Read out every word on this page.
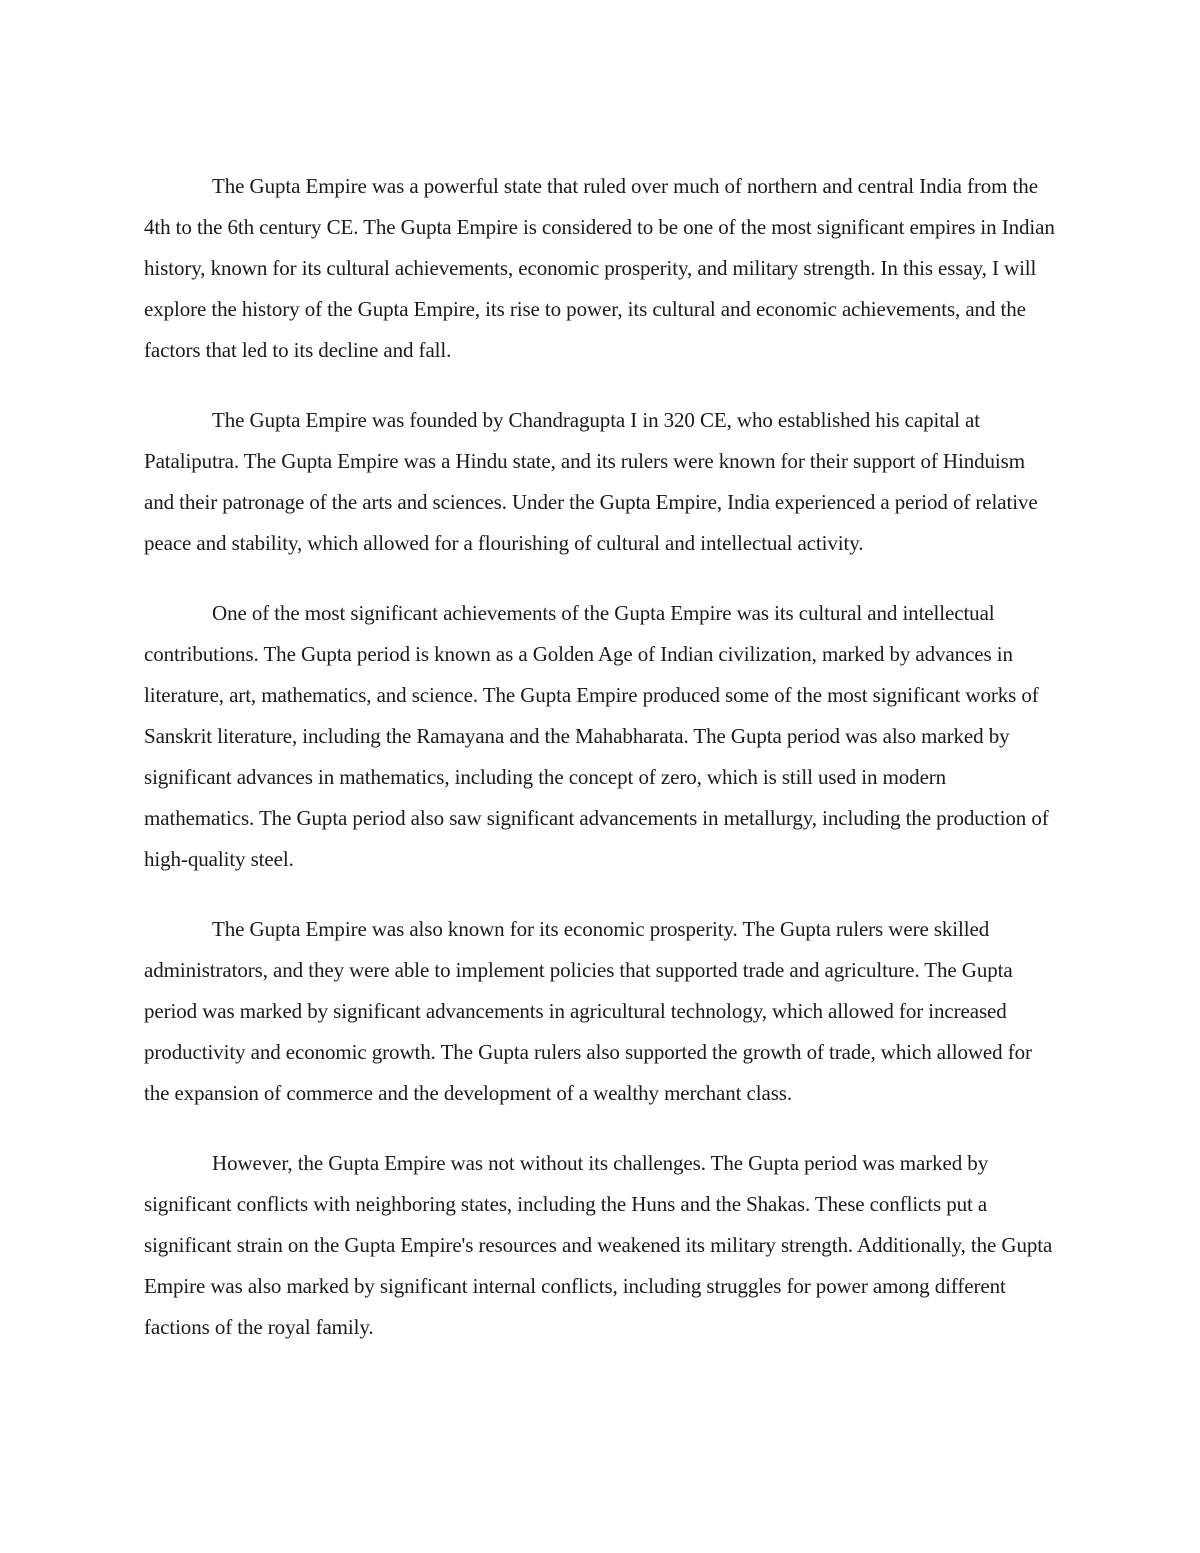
The Gupta Empire was a powerful state that ruled over much of northern and central India from the 4th to the 6th century CE. The Gupta Empire is considered to be one of the most significant empires in Indian history, known for its cultural achievements, economic prosperity, and military strength. In this essay, I will explore the history of the Gupta Empire, its rise to power, its cultural and economic achievements, and the factors that led to its decline and fall.

The Gupta Empire was founded by Chandragupta I in 320 CE, who established his capital at Pataliputra. The Gupta Empire was a Hindu state, and its rulers were known for their support of Hinduism and their patronage of the arts and sciences. Under the Gupta Empire, India experienced a period of relative peace and stability, which allowed for a flourishing of cultural and intellectual activity.

One of the most significant achievements of the Gupta Empire was its cultural and intellectual contributions. The Gupta period is known as a Golden Age of Indian civilization, marked by advances in literature, art, mathematics, and science. The Gupta Empire produced some of the most significant works of Sanskrit literature, including the Ramayana and the Mahabharata. The Gupta period was also marked by significant advances in mathematics, including the concept of zero, which is still used in modern mathematics. The Gupta period also saw significant advancements in metallurgy, including the production of high-quality steel.

The Gupta Empire was also known for its economic prosperity. The Gupta rulers were skilled administrators, and they were able to implement policies that supported trade and agriculture. The Gupta period was marked by significant advancements in agricultural technology, which allowed for increased productivity and economic growth. The Gupta rulers also supported the growth of trade, which allowed for the expansion of commerce and the development of a wealthy merchant class.

However, the Gupta Empire was not without its challenges. The Gupta period was marked by significant conflicts with neighboring states, including the Huns and the Shakas. These conflicts put a significant strain on the Gupta Empire's resources and weakened its military strength. Additionally, the Gupta Empire was also marked by significant internal conflicts, including struggles for power among different factions of the royal family.
